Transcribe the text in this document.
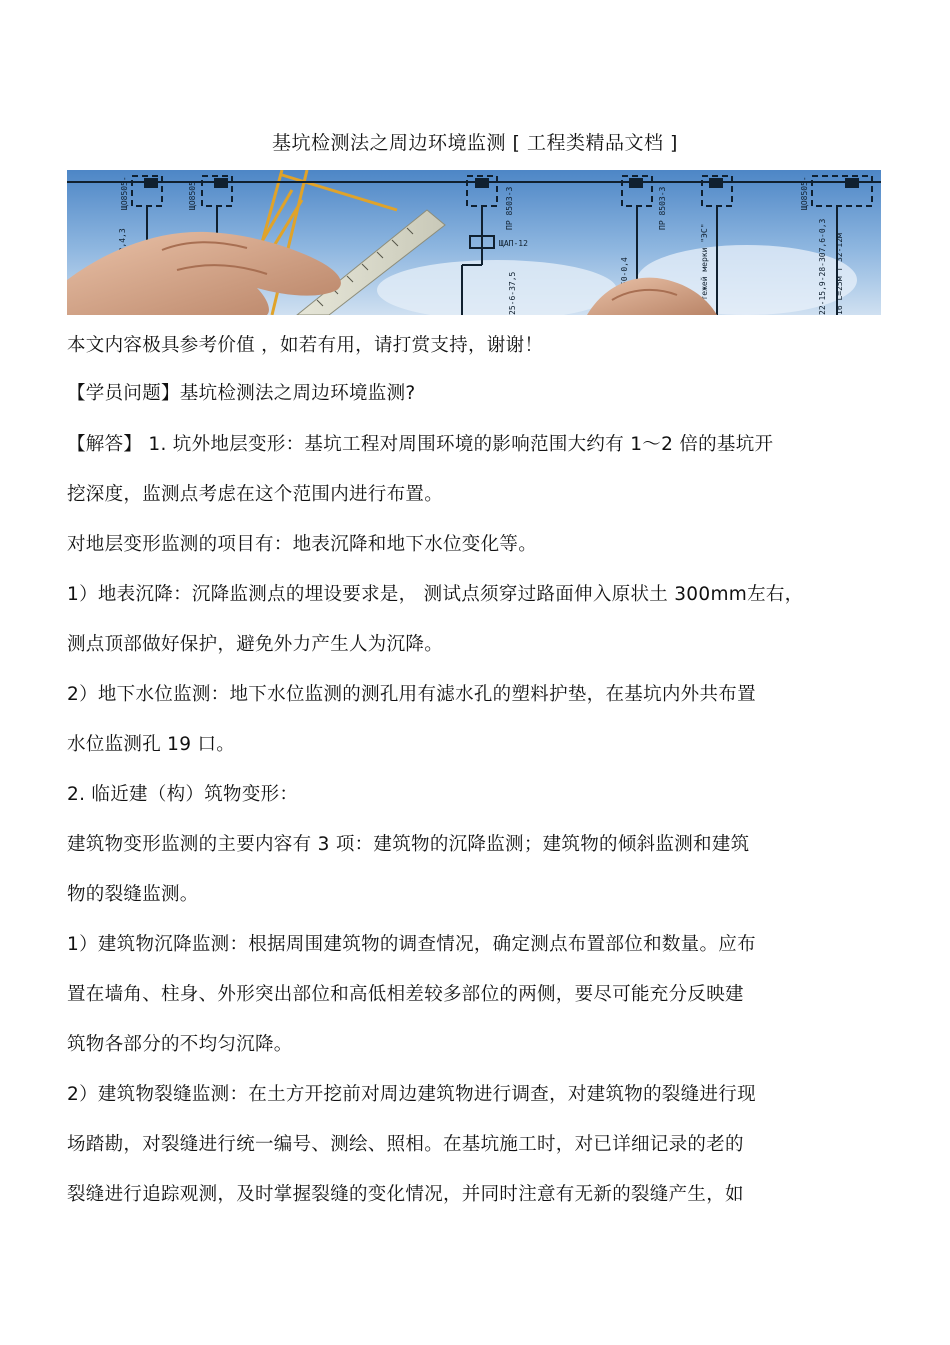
基坑检测法之周边环境监测 [ 工程类精品文档 ]
ЩО8505-	ЩО8505	ПР 8503-3
ЩАП-12
ПР 8503-3	ЩО8505-
25-6-37,5	картежей мерки "ЭС"	22-15,9-28-307,6-0,3 16 L=25м T 32-12м
本文内容极具参考价值 ，如若有用，请打赏支持，谢谢！
【学员问题】基坑检测法之周边环境监测?
【解答】 1. 坑外地层变形：基坑工程对周围环境的影响范围大约有 1～2 倍的基坑开
挖深度，监测点考虑在这个范围内进行布置。
对地层变形监测的项目有：地表沉降和地下水位变化等。
1）地表沉降：沉降监测点的埋设要求是， 测试点须穿过路面伸入原状土 300mm左右，
测点顶部做好保护，避免外力产生人为沉降。
2）地下水位监测：地下水位监测的测孔用有滤水孔的塑料护垫，在基坑内外共布置
水位监测孔 19 口。
2. 临近建（构）筑物变形：
建筑物变形监测的主要内容有 3 项：建筑物的沉降监测；建筑物的倾斜监测和建筑
物的裂缝监测。
1）建筑物沉降监测：根据周围建筑物的调查情况，确定测点布置部位和数量。应布
置在墙角、柱身、外形突出部位和高低相差较多部位的两侧，要尽可能充分反映建
筑物各部分的不均匀沉降。
2）建筑物裂缝监测：在土方开挖前对周边建筑物进行调查，对建筑物的裂缝进行现
场踏勘，对裂缝进行统一编号、测绘、照相。在基坑施工时，对已详细记录的老的
裂缝进行追踪观测，及时掌握裂缝的变化情况，并同时注意有无新的裂缝产生，如
